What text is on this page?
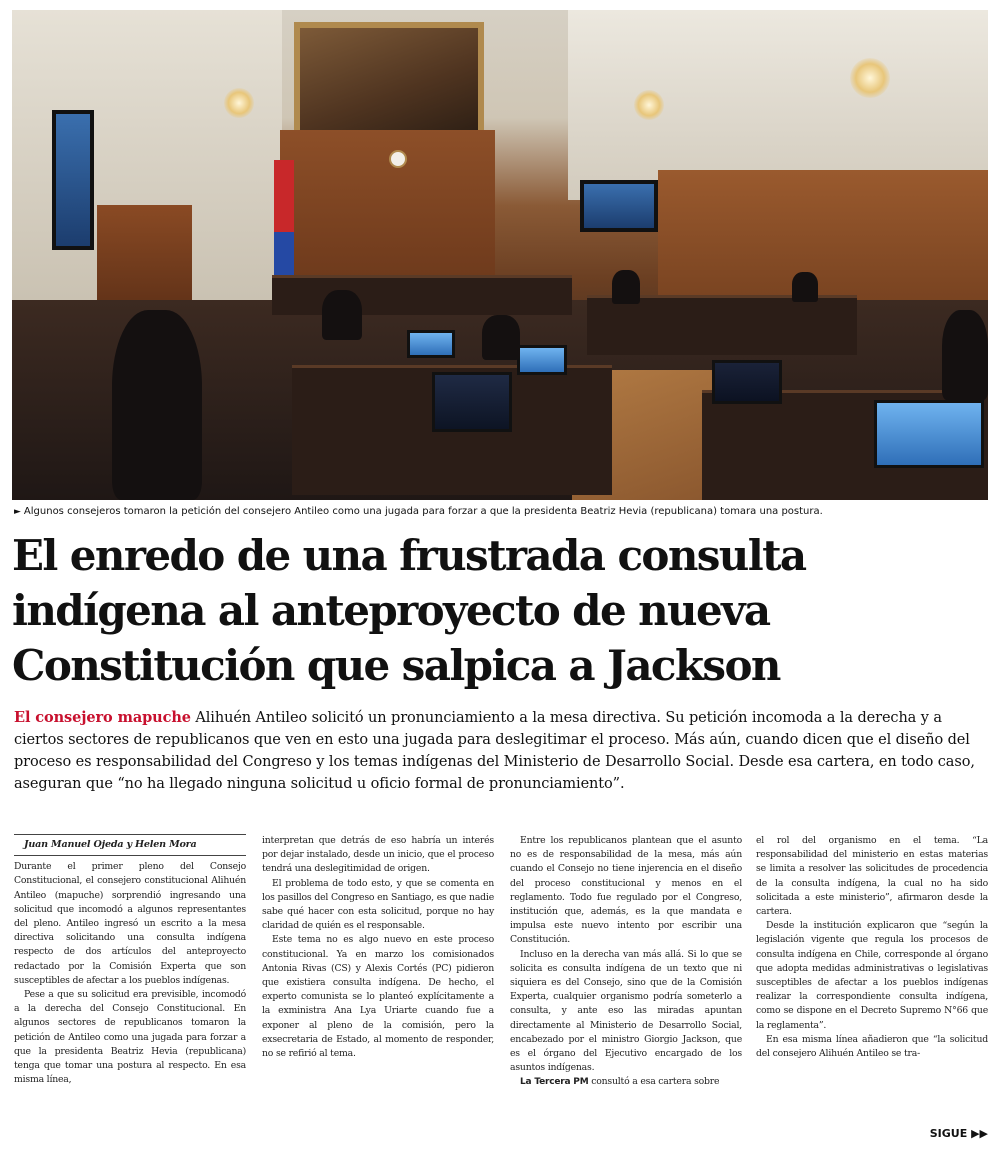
► Algunos consejeros tomaron la petición del consejero Antileo como una jugada para forzar a que la presidenta Beatriz Hevia (republicana) tomara una postura.
El enredo de una frustrada consulta
indígena al anteproyecto de nueva
Constitución que salpica a Jackson
El consejero mapuche Alihuén Antileo solicitó un pronunciamiento a la mesa directiva. Su petición incomoda a la derecha y a ciertos sectores de republicanos que ven en esto una jugada para deslegitimar el proceso. Más aún, cuando dicen que el diseño del proceso es responsabilidad del Congreso y los temas indígenas del Ministerio de Desarrollo Social. Desde esa cartera, en todo caso, aseguran que “no ha llegado ninguna solicitud u oficio formal de pronunciamiento”.

Juan Manuel Ojeda y Helen Mora

Durante el primer pleno del Consejo Constitucional, el consejero constitucional Alihuén Antileo (mapuche) sorprendió ingresando una solicitud que incomodó a algunos representantes del pleno. Antileo ingresó un escrito a la mesa directiva solicitando una consulta indígena respecto de dos artículos del anteproyecto redactado por la Comisión Experta que son susceptibles de afectar a los pueblos indígenas.

Pese a que su solicitud era previsible, incomodó a la derecha del Consejo Constitucional. En algunos sectores de republicanos tomaron la petición de Antileo como una jugada para forzar a que la presidenta Beatriz Hevia (republicana) tenga que tomar una postura al respecto. En esa misma línea,

interpretan que detrás de eso habría un interés por dejar instalado, desde un inicio, que el proceso tendrá una deslegitimidad de origen.

El problema de todo esto, y que se comenta en los pasillos del Congreso en Santiago, es que nadie sabe qué hacer con esta solicitud, porque no hay claridad de quién es el responsable.

Este tema no es algo nuevo en este proceso constitucional. Ya en marzo los comisionados Antonia Rivas (CS) y Alexis Cortés (PC) pidieron que existiera consulta indígena. De hecho, el experto comunista se lo planteó explícitamente a la exministra Ana Lya Uriarte cuando fue a exponer al pleno de la comisión, pero la exsecretaria de Estado, al momento de responder, no se refirió al tema.

Entre los republicanos plantean que el asunto no es de responsabilidad de la mesa, más aún cuando el Consejo no tiene injerencia en el diseño del proceso constitucional y menos en el reglamento. Todo fue regulado por el Congreso, institución que, además, es la que mandata e impulsa este nuevo intento por escribir una Constitución.

Incluso en la derecha van más allá. Si lo que se solicita es consulta indígena de un texto que ni siquiera es del Consejo, sino que de la Comisión Experta, cualquier organismo podría someterlo a consulta, y ante eso las miradas apuntan directamente al Ministerio de Desarrollo Social, encabezado por el ministro Giorgio Jackson, que es el órgano del Ejecutivo encargado de los asuntos indígenas.

La Tercera PM consultó a esa cartera sobre

el rol del organismo en el tema. “La responsabilidad del ministerio en estas materias se limita a resolver las solicitudes de procedencia de la consulta indígena, la cual no ha sido solicitada a este ministerio”, afirmaron desde la cartera.

Desde la institución explicaron que “según la legislación vigente que regula los procesos de consulta indígena en Chile, corresponde al órgano que adopta medidas administrativas o legislativas susceptibles de afectar a los pueblos indígenas realizar la correspondiente consulta indígena, como se dispone en el Decreto Supremo N°66 que la reglamenta”.

En esa misma línea añadieron que “la solicitud del consejero Alihuén Antileo se tra-

SIGUE ▶▶
